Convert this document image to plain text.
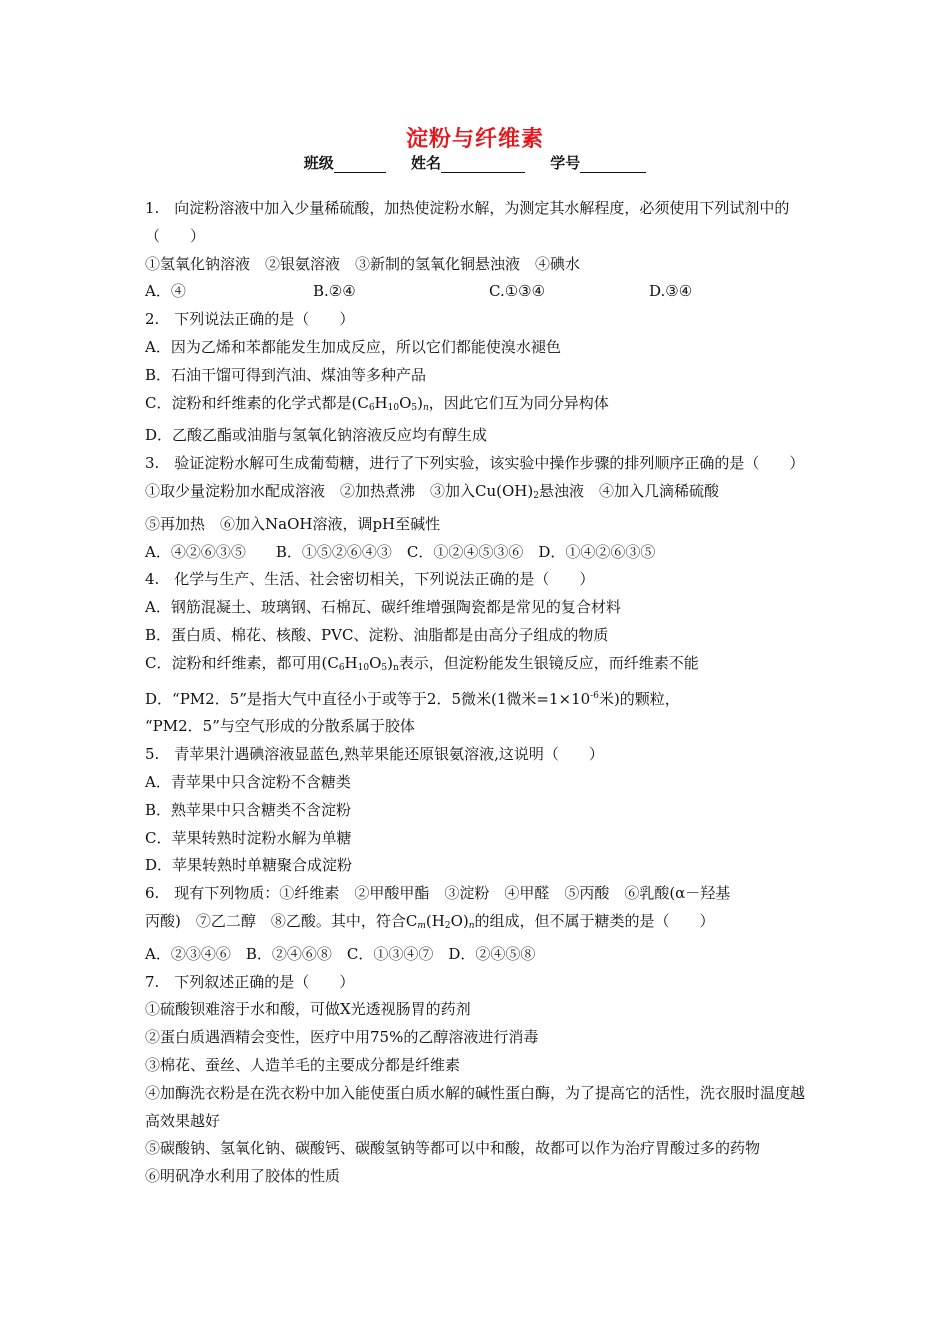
淀粉与纤维素
班级	姓名	学号
1.　向淀粉溶液中加入少量稀硫酸，加热使淀粉水解，为测定其水解程度，必须使用下列试剂中的（　　）
①氢氧化钠溶液　②银氨溶液　③新制的氢氧化铜悬浊液　④碘水
A．④	B.②④	C.①③④	D.③④
2.　下列说法正确的是（　　）
A．因为乙烯和苯都能发生加成反应，所以它们都能使溴水褪色
B．石油干馏可得到汽油、煤油等多种产品
C．淀粉和纤维素的化学式都是$(C_6H_{10}O_5)_n$，因此它们互为同分异构体
D．乙酸乙酯或油脂与氢氧化钠溶液反应均有醇生成
3.　验证淀粉水解可生成葡萄糖，进行了下列实验，该实验中操作步骤的排列顺序正确的是（　　）
①取少量淀粉加水配成溶液　②加热煮沸　③加入$Cu(OH)_2$悬浊液　④加入几滴稀硫酸
⑤再加热　⑥加入NaOH溶液，调pH至碱性
A．④②⑥③⑤　　B．①⑤②⑥④③　C．①②④⑤③⑥　D．①④②⑥③⑤
4.　化学与生产、生活、社会密切相关，下列说法正确的是（　　）
A．钢筋混凝土、玻璃钢、石棉瓦、碳纤维增强陶瓷都是常见的复合材料
B．蛋白质、棉花、核酸、PVC、淀粉、油脂都是由高分子组成的物质
C．淀粉和纤维素，都可用$(C_6H_{10}O_5)_n$表示，但淀粉能发生银镜反应，而纤维素不能
D．“PM2．5”是指大气中直径小于或等于2．5微米(1微米$=1\times 10^{-6}$米)的颗粒，
“PM2．5”与空气形成的分散系属于胶体
5.　青苹果汁遇碘溶液显蓝色,熟苹果能还原银氨溶液,这说明（　　）
A．青苹果中只含淀粉不含糖类
B．熟苹果中只含糖类不含淀粉
C．苹果转熟时淀粉水解为单糖
D．苹果转熟时单糖聚合成淀粉
6.　现有下列物质：①纤维素　②甲酸甲酯　③淀粉　④甲醛　⑤丙酸　⑥乳酸(α－羟基
丙酸)　⑦乙二醇　⑧乙酸。其中，符合$C_m(H_2O)_n$的组成，但不属于糖类的是（　　）
A．②③④⑥　B．②④⑥⑧　C．①③④⑦　D．②④⑤⑧
7.　下列叙述正确的是（　　）
①硫酸钡难溶于水和酸，可做X光透视肠胃的药剂
②蛋白质遇酒精会变性，医疗中用75%的乙醇溶液进行消毒
③棉花、蚕丝、人造羊毛的主要成分都是纤维素
④加酶洗衣粉是在洗衣粉中加入能使蛋白质水解的碱性蛋白酶，为了提高它的活性，洗衣服时温度越高效果越好
⑤碳酸钠、氢氧化钠、碳酸钙、碳酸氢钠等都可以中和酸，故都可以作为治疗胃酸过多的药物
⑥明矾净水利用了胶体的性质
